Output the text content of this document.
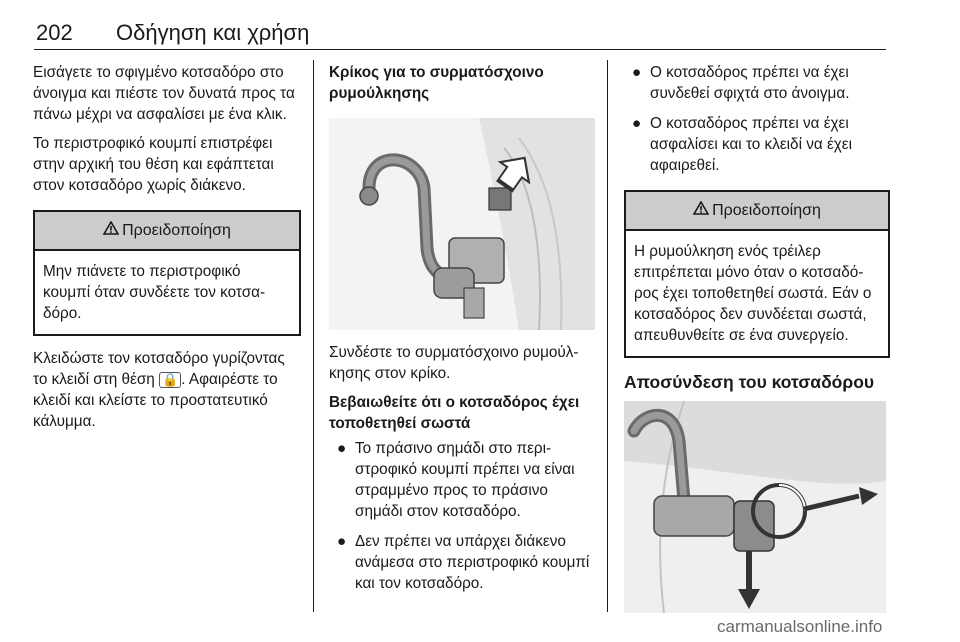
202 Οδήγηση και χρήση

Εισάγετε το σφιγμένο κοτσαδόρο στο άνοιγμα και πιέστε τον δυνατά προς τα πάνω μέχρι να ασφαλίσει με ένα κλικ.

Το περιστροφικό κουμπί επιστρέφει στην αρχική του θέση και εφάπτεται στον κοτσαδόρο χωρίς διάκενο.

Προειδοποίηση
Μην πιάνετε το περιστροφικό κουμπί όταν συνδέετε τον κοτσα-δόρο.

Κλειδώστε τον κοτσαδόρο γυρίζοντας το κλειδί στη θέση 🔒 . Αφαιρέστε το κλειδί και κλείστε το προστατευτικό κάλυμμα.

Κρίκος για το συρματόσχοινο ρυμούλκησης

Συνδέστε το συρματόσχοινο ρυμούλ-κησης στον κρίκο.

Βεβαιωθείτε ότι ο κοτσαδόρος έχει τοποθετηθεί σωστά

● Το πράσινο σημάδι στο περι-στροφικό κουμπί πρέπει να είναι στραμμένο προς το πράσινο σημάδι στον κοτσαδόρο.
● Δεν πρέπει να υπάρχει διάκενο ανάμεσα στο περιστροφικό κουμπί και τον κοτσαδόρο.
● Ο κοτσαδόρος πρέπει να έχει συνδεθεί σφιχτά στο άνοιγμα.
● Ο κοτσαδόρος πρέπει να έχει ασφαλίσει και το κλειδί να έχει αφαιρεθεί.
Προειδοποίηση
Η ρυμούλκηση ενός τρέιλερ επιτρέπεται μόνο όταν ο κοτσαδό-ρος έχει τοποθετηθεί σωστά. Εάν ο κοτσαδόρος δεν συνδέεται σωστά, απευθυνθείτε σε ένα συνεργείο.

Αποσύνδεση του κοτσαδόρου

carmanualsonline.info
